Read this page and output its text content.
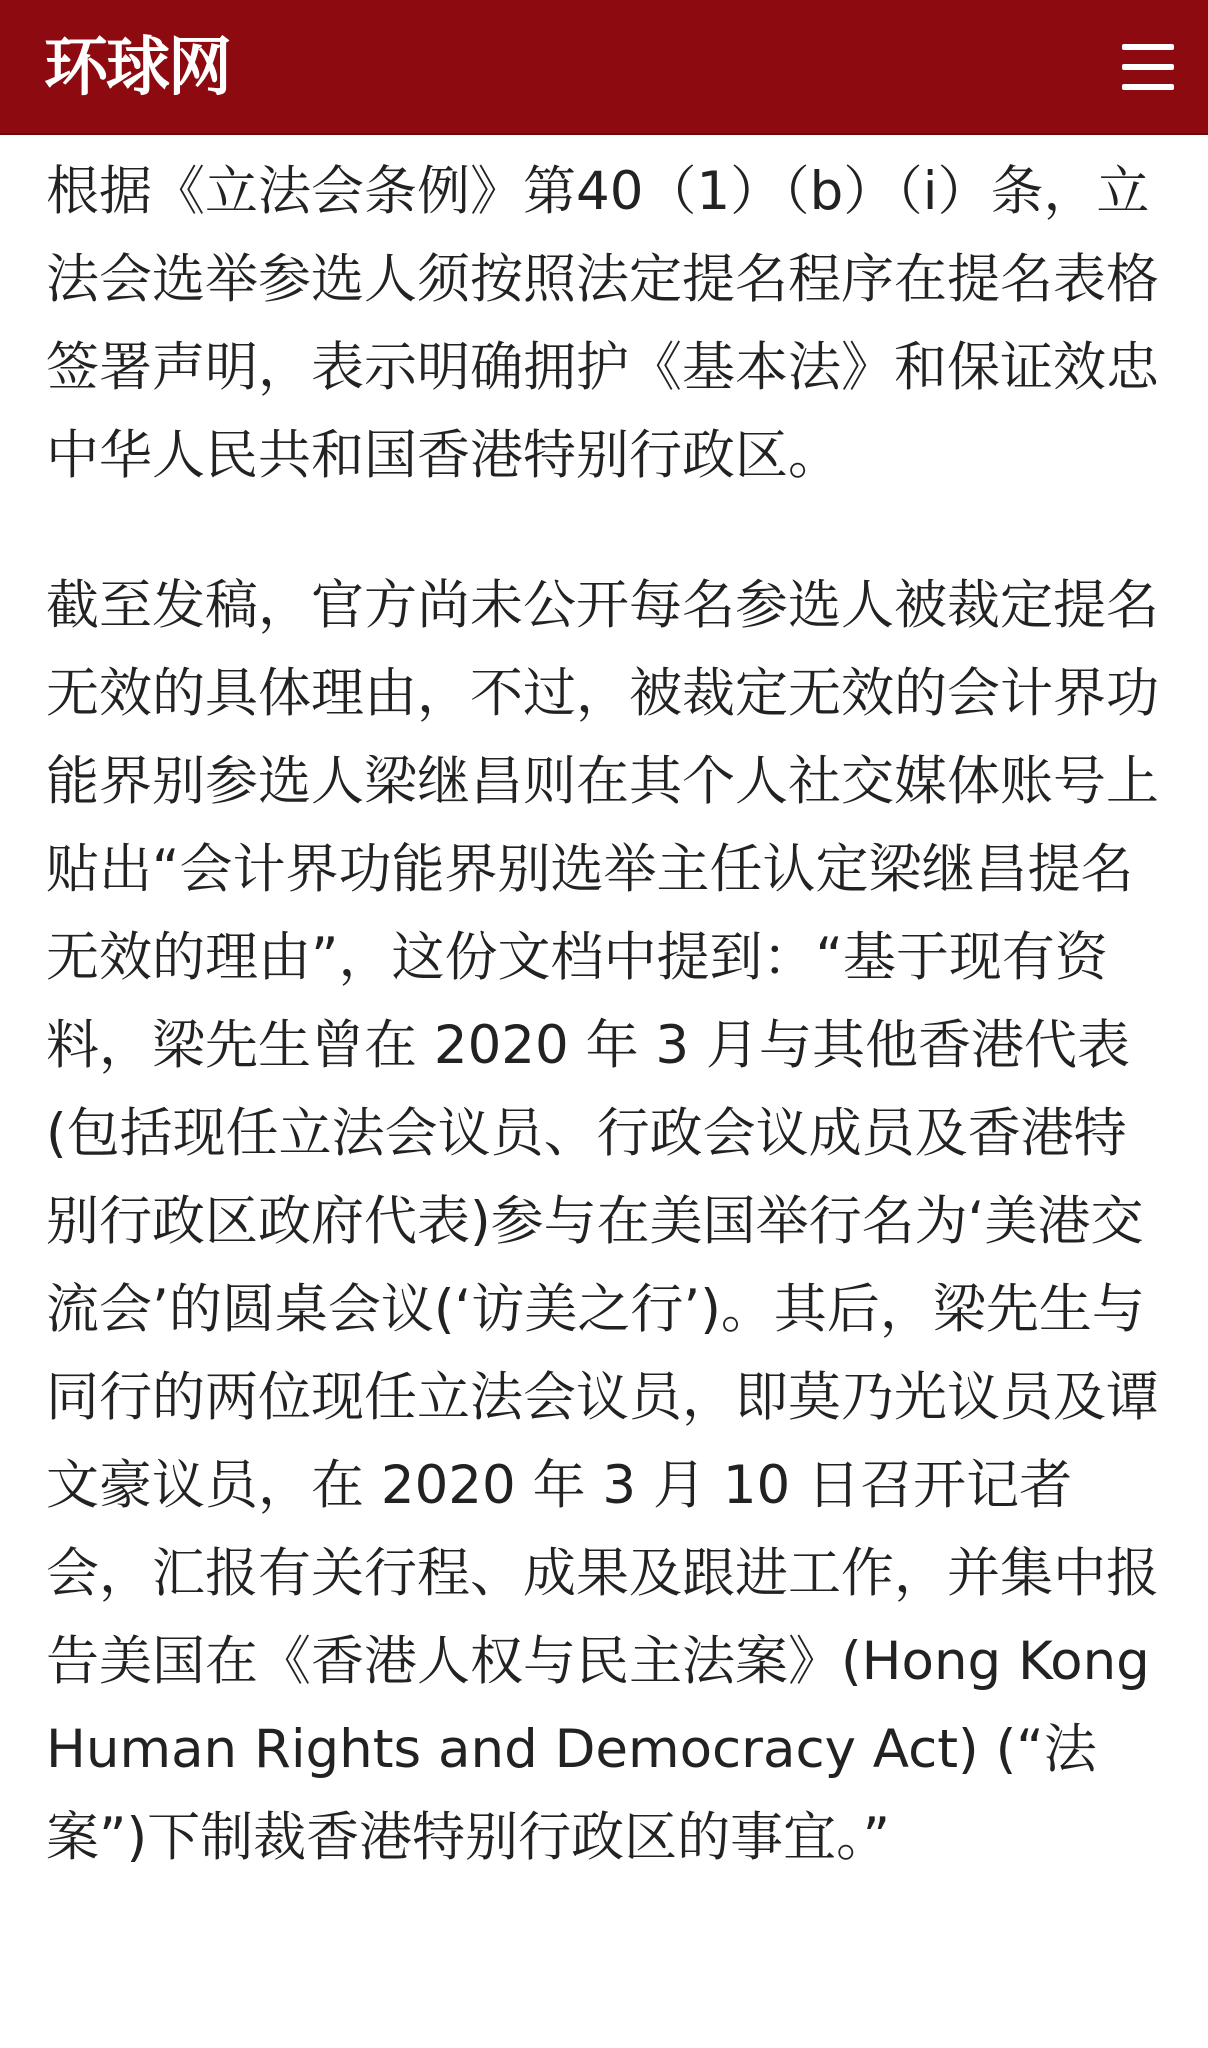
环球网

根据《立法会条例》第40（1）（b）（i）条，立法会选举参选人须按照法定提名程序在提名表格签署声明，表示明确拥护《基本法》和保证效忠中华人民共和国香港特别行政区。

截至发稿，官方尚未公开每名参选人被裁定提名无效的具体理由，不过，被裁定无效的会计界功能界别参选人梁继昌则在其个人社交媒体账号上贴出“会计界功能界别选举主任认定梁继昌提名无效的理由”，这份文档中提到：“基于现有资料，梁先生曾在 2020 年 3 月与其他香港代表(包括现任立法会议员、行政会议成员及香港特别行政区政府代表)参与在美国举行名为‘美港交流会’的圆桌会议(‘访美之行’)。其后，梁先生与同行的两位现任立法会议员，即莫乃光议员及谭文豪议员，在 2020 年 3 月 10 日召开记者会，汇报有关行程、成果及跟进工作，并集中报告美国在《香港人权与民主法案》(Hong Kong Human Rights and Democracy Act) (“法案”)下制裁香港特别行政区的事宜。”
